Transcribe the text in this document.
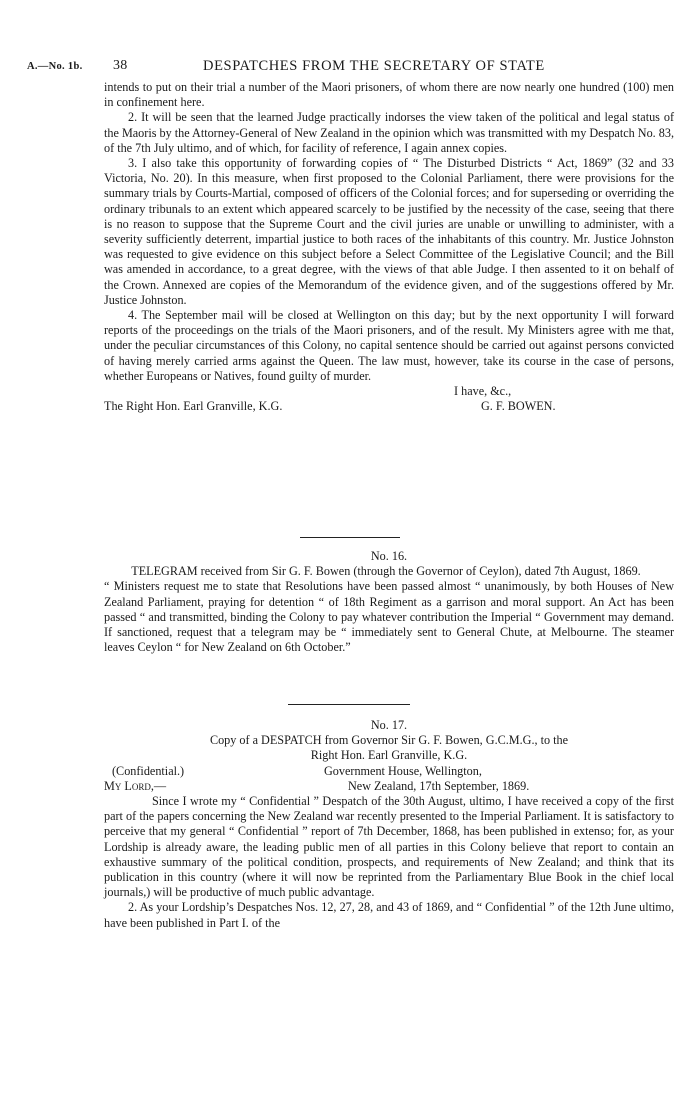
A.—No. 1b. 38	DESPATCHES FROM THE SECRETARY OF STATE

intends to put on their trial a number of the Maori prisoners, of whom there are now nearly one hundred (100) men in confinement here.

2. It will be seen that the learned Judge practically indorses the view taken of the political and legal status of the Maoris by the Attorney-General of New Zealand in the opinion which was transmitted with my Despatch No. 83, of the 7th July ultimo, and of which, for facility of reference, I again annex copies.

3. I also take this opportunity of forwarding copies of “ The Disturbed Districts “ Act, 1869” (32 and 33 Victoria, No. 20). In this measure, when first proposed to the Colonial Parliament, there were provisions for the summary trials by Courts-Martial, composed of officers of the Colonial forces; and for superseding or overriding the ordinary tribunals to an extent which appeared scarcely to be justified by the necessity of the case, seeing that there is no reason to suppose that the Supreme Court and the civil juries are unable or unwilling to administer, with a severity sufficiently deterrent, impartial justice to both races of the inhabitants of this country. Mr. Justice Johnston was requested to give evidence on this subject before a Select Committee of the Legislative Council; and the Bill was amended in accordance, to a great degree, with the views of that able Judge. I then assented to it on behalf of the Crown. Annexed are copies of the Memorandum of the evidence given, and of the suggestions offered by Mr. Justice Johnston.

4. The September mail will be closed at Wellington on this day; but by the next opportunity I will forward reports of the proceedings on the trials of the Maori prisoners, and of the result. My Ministers agree with me that, under the peculiar circumstances of this Colony, no capital sentence should be carried out against persons convicted of having merely carried arms against the Queen. The law must, however, take its course in the case of persons, whether Europeans or Natives, found guilty of murder.

I have, &c.,
The Right Hon. Earl Granville, K.G.	G. F. BOWEN.

No. 16.

TELEGRAM received from Sir G. F. Bowen (through the Governor of Ceylon), dated 7th August, 1869.

“ Ministers request me to state that Resolutions have been passed almost “ unanimously, by both Houses of New Zealand Parliament, praying for detention “ of 18th Regiment as a garrison and moral support. An Act has been passed “ and transmitted, binding the Colony to pay whatever contribution the Imperial “ Government may demand. If sanctioned, request that a telegram may be “ immediately sent to General Chute, at Melbourne. The steamer leaves Ceylon “ for New Zealand on 6th October.”

No. 17.

Copy of a DESPATCH from Governor Sir G. F. Bowen, G.C.M.G., to the

Right Hon. Earl Granville, K.G.

(Confidential.)	Government House, Wellington,
My Lord,—	New Zealand, 17th September, 1869.

Since I wrote my “ Confidential ” Despatch of the 30th August, ultimo, I have received a copy of the first part of the papers concerning the New Zealand war recently presented to the Imperial Parliament. It is satisfactory to perceive that my general “ Confidential ” report of 7th December, 1868, has been published in extenso; for, as your Lordship is already aware, the leading public men of all parties in this Colony believe that report to contain an exhaustive summary of the political condition, prospects, and requirements of New Zealand; and think that its publication in this country (where it will now be reprinted from the Parliamentary Blue Book in the chief local journals,) will be productive of much public advantage.

2. As your Lordship’s Despatches Nos. 12, 27, 28, and 43 of 1869, and “ Confidential ” of the 12th June ultimo, have been published in Part I. of the
